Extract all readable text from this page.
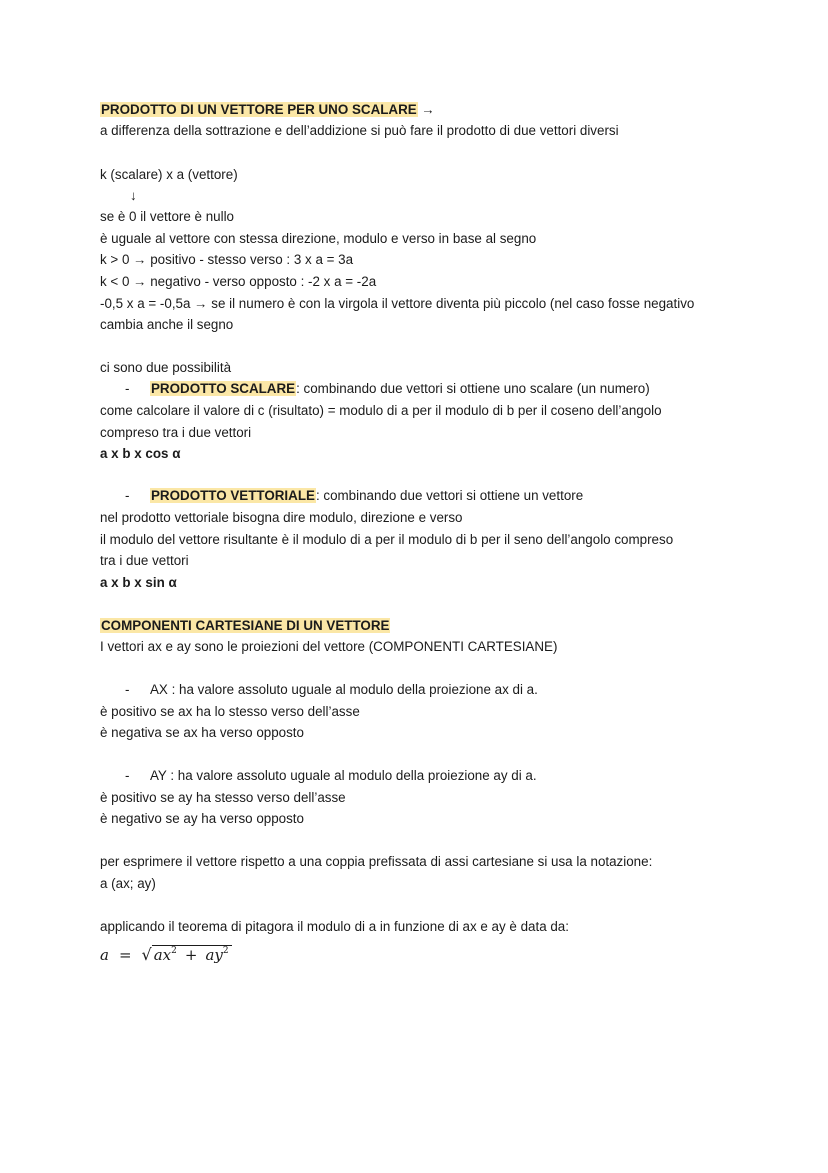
PRODOTTO DI UN VETTORE PER UNO SCALARE →
a differenza della sottrazione e dell’addizione si può fare il prodotto di due vettori diversi
k (scalare) x a (vettore)
↓
se è 0 il vettore è nullo
è uguale al vettore con stessa direzione, modulo e verso in base al segno
k > 0 → positivo - stesso verso : 3 x a = 3a
k < 0 → negativo - verso opposto : -2 x a = -2a
-0,5 x a = -0,5a → se il numero è con la virgola il vettore diventa più piccolo (nel caso fosse negativo
cambia anche il segno
ci sono due possibilità
- PRODOTTO SCALARE: combinando due vettori si ottiene uno scalare (un numero)
come calcolare il valore di c (risultato) = modulo di a per il modulo di b per il coseno dell’angolo
compreso tra i due vettori
a x b x cos α
- PRODOTTO VETTORIALE: combinando due vettori si ottiene un vettore
nel prodotto vettoriale bisogna dire modulo, direzione e verso
il modulo del vettore risultante è il modulo di a per il modulo di b per il seno dell’angolo compreso
tra i due vettori
a x b x sin α
COMPONENTI CARTESIANE DI UN VETTORE
I vettori ax e ay sono le proiezioni del vettore (COMPONENTI CARTESIANE)
- AX : ha valore assoluto uguale al modulo della proiezione ax di a.
è positivo se ax ha lo stesso verso dell’asse
è negativa se ax ha verso opposto
- AY : ha valore assoluto uguale al modulo della proiezione ay di a.
è positivo se ay ha stesso verso dell’asse
è negativo se ay ha verso opposto
per esprimere il vettore rispetto a una coppia prefissata di assi cartesiane si usa la notazione:
a (ax; ay)
applicando il teorema di pitagora il modulo di a in funzione di ax e ay è data da:
a = √ $ax^2 + ay^2$
